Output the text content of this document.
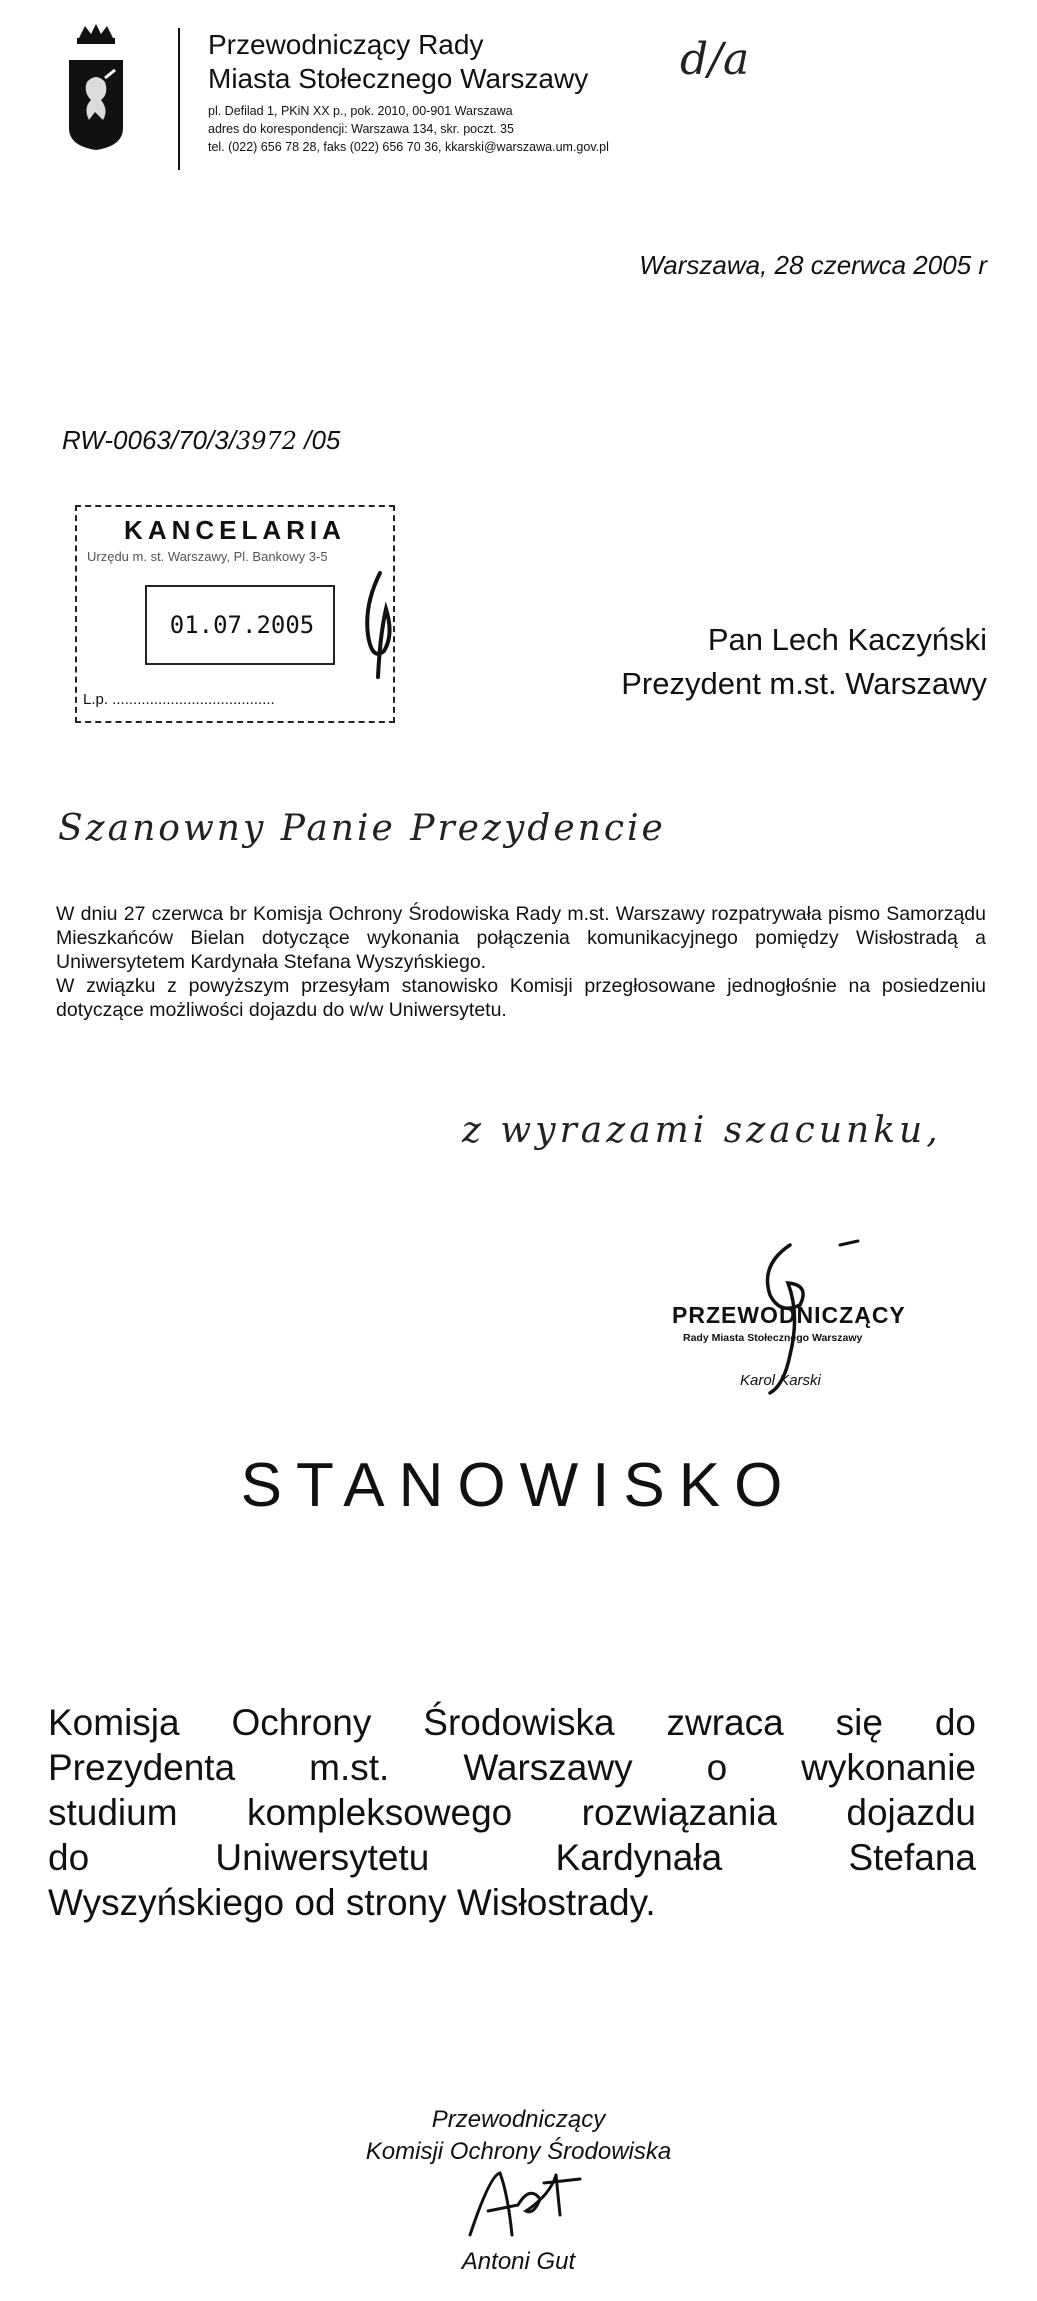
Przewodniczący Rady
Miasta Stołecznego Warszawy
pl. Defilad 1, PKiN XX p., pok. 2010, 00-901 Warszawa
adres do korespondencji: Warszawa 134, skr. poczt. 35
tel. (022) 656 78 28, faks (022) 656 70 36, kkarski@warszawa.um.gov.pl
d/a
Warszawa, 28 czerwca 2005 r
RW-0063/70/3/3972 /05
KANCELARIA
Urzędu m. st. Warszawy, Pl. Bankowy 3-5
01.07.2005
L.p. .......................................
Pan Lech Kaczyński
Prezydent m.st. Warszawy
Szanowny Panie Prezydencie

W dniu 27 czerwca br Komisja Ochrony Środowiska Rady m.st. Warszawy rozpatrywała pismo Samorządu Mieszkańców Bielan dotyczące wykonania połączenia komunikacyjnego pomiędzy Wisłostradą a Uniwersytetem Kardynała Stefana Wyszyńskiego.

W związku z powyższym przesyłam stanowisko Komisji przegłosowane jednogłośnie na posiedzeniu dotyczące możliwości dojazdu do w/w Uniwersytetu.

z wyrazami szacunku,
PRZEWODNICZĄCY
Rady Miasta Stołecznego Warszawy
Karol Karski
STANOWISKO
Komisja Ochrony Środowiska zwraca się do
Prezydenta m.st. Warszawy o wykonanie
studium kompleksowego rozwiązania dojazdu
do Uniwersytetu Kardynała Stefana
Wyszyńskiego od strony Wisłostrady.
Przewodniczący
Komisji Ochrony Środowiska
Antoni Gut
